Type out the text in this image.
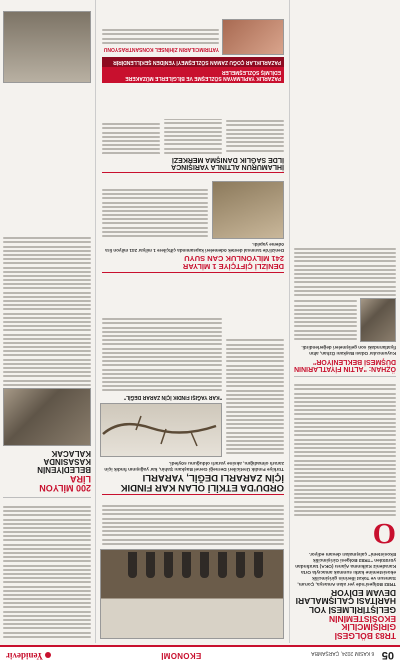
05 6 KASIM 2024, ÇARŞAMBA
EKONOMİ
Yenidevir
TR83 BÖLGESİ GİRİŞİMCİLİK
EKOSİSTEMİNİN
GELİŞTİRİLMESİ YOL
HARİTASI ÇALIŞMALARI
DEVAM EDİYOR
TR83 Bölgesi'nde yer alan Amasya, Çorum, Samsun ve Tokat illerinin girişimcilik ekosistemine katkı sunmak amacıyla Orta Karadeniz Kalkınma Ajansı (OKA) tarafından yürütülen "TR83 Bölgesi Girişimcilik Ekosistemi" çalışmaları devam ediyor.
O
ÖZHAN: "ALTIN FİYATLARININ
DÜŞMESİ BEKLENİYOR"
Kuyumcular Odası Başkanı Özhan, altın fiyatlarındaki son gelişmeleri değerlendirdi.
ORDU'DA ETKİLİ OLAN KAR FINDIK
İÇİN ZARARLI DEĞİL, YARARLI
Türkiye Fındık Üreticileri Derneği Genel Başkanı Şahin, kar yağışının fındık için zararlı olmadığını, aksine yararlı olduğunu söyledi.
"KAR YAĞIŞI FINDIK İÇİN ZARAR DEĞİL"
DENİZLİ ÇİFTÇİYE 1 MİLYAR
241 MİLYONLUK CAN SUYU
Denizli'de tarımsal destek ödemeleri kapsamında çiftçilere 1 milyar 241 milyon lira ödeme yapıldı.
İHLAMURUN ALTINLA YARIŞINCA
İLDE SAĞLIK DANIŞMA MERKEZİ
PAZARLIK YAPILMAYAN SÖZLEŞME VE BİLGİLERLE MÜZAKERE EDİLMİŞ SÖZLEŞMELER
PAZARLIKLAR ÇOĞU ZAMAN SÖZLEŞMEYİ YENİDEN ŞEKİLLENDİRİR
YATIRIMCILARIN ZİHİNSEL KONSANTRASYONU
200 MİLYON
LİRA
BELEDİYENİN
KASASINDA
KALACAK
